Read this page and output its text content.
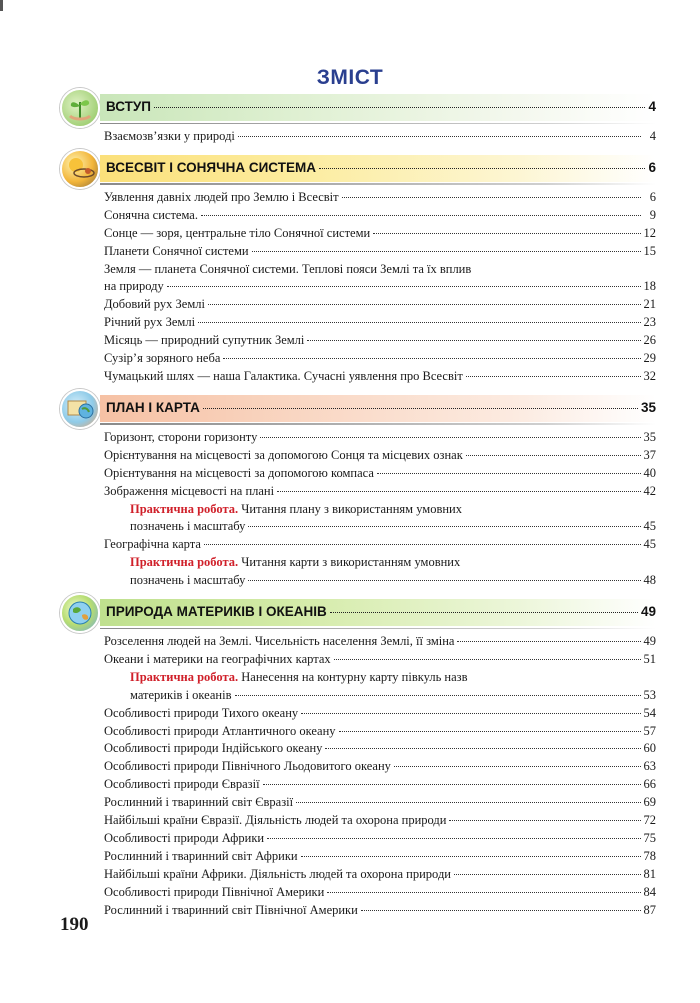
ЗМІСТ
ВСТУП	4
Взаємозв’язки у природі	4
ВСЕСВІТ І СОНЯЧНА СИСТЕМА	6
Уявлення давніх людей про Землю і Всесвіт	6
Сонячна система.	9
Сонце — зоря, центральне тіло Сонячної системи	12
Планети Сонячної системи	15
Земля — планета Сонячної системи. Теплові пояси Землі та їх вплив
на природу	18
Добовий рух Землі	21
Річний рух Землі	23
Місяць — природний супутник Землі	26
Сузір’я зоряного неба	29
Чумацький шлях — наша Галактика. Сучасні уявлення про Всесвіт	32
ПЛАН І КАРТА	35
Горизонт, сторони горизонту	35
Орієнтування на місцевості за допомогою Сонця та місцевих ознак	37
Орієнтування на місцевості за допомогою компаса	40
Зображення місцевості на плані	42
Практична робота. Читання плану з використанням умовних
позначень і масштабу	45
Географічна карта	45
Практична робота. Читання карти з використанням умовних
позначень і масштабу	48
ПРИРОДА МАТЕРИКІВ І ОКЕАНІВ	49
Розселення людей на Землі. Чисельність населення Землі, її зміна	49
Океани і материки на географічних картах	51
Практична робота. Нанесення на контурну карту півкуль назв
материків і океанів	53
Особливості природи Тихого океану	54
Особливості природи Атлантичного океану	57
Особливості природи Індійського океану	60
Особливості природи Північного Льодовитого океану	63
Особливості природи Євразії	66
Рослинний і тваринний світ Євразії	69
Найбільші країни Євразії. Діяльність людей та охорона природи	72
Особливості природи Африки	75
Рослинний і тваринний світ Африки	78
Найбільші країни Африки. Діяльність людей та охорона природи	81
Особливості природи Північної Америки	84
Рослинний і тваринний світ Північної Америки	87
190
